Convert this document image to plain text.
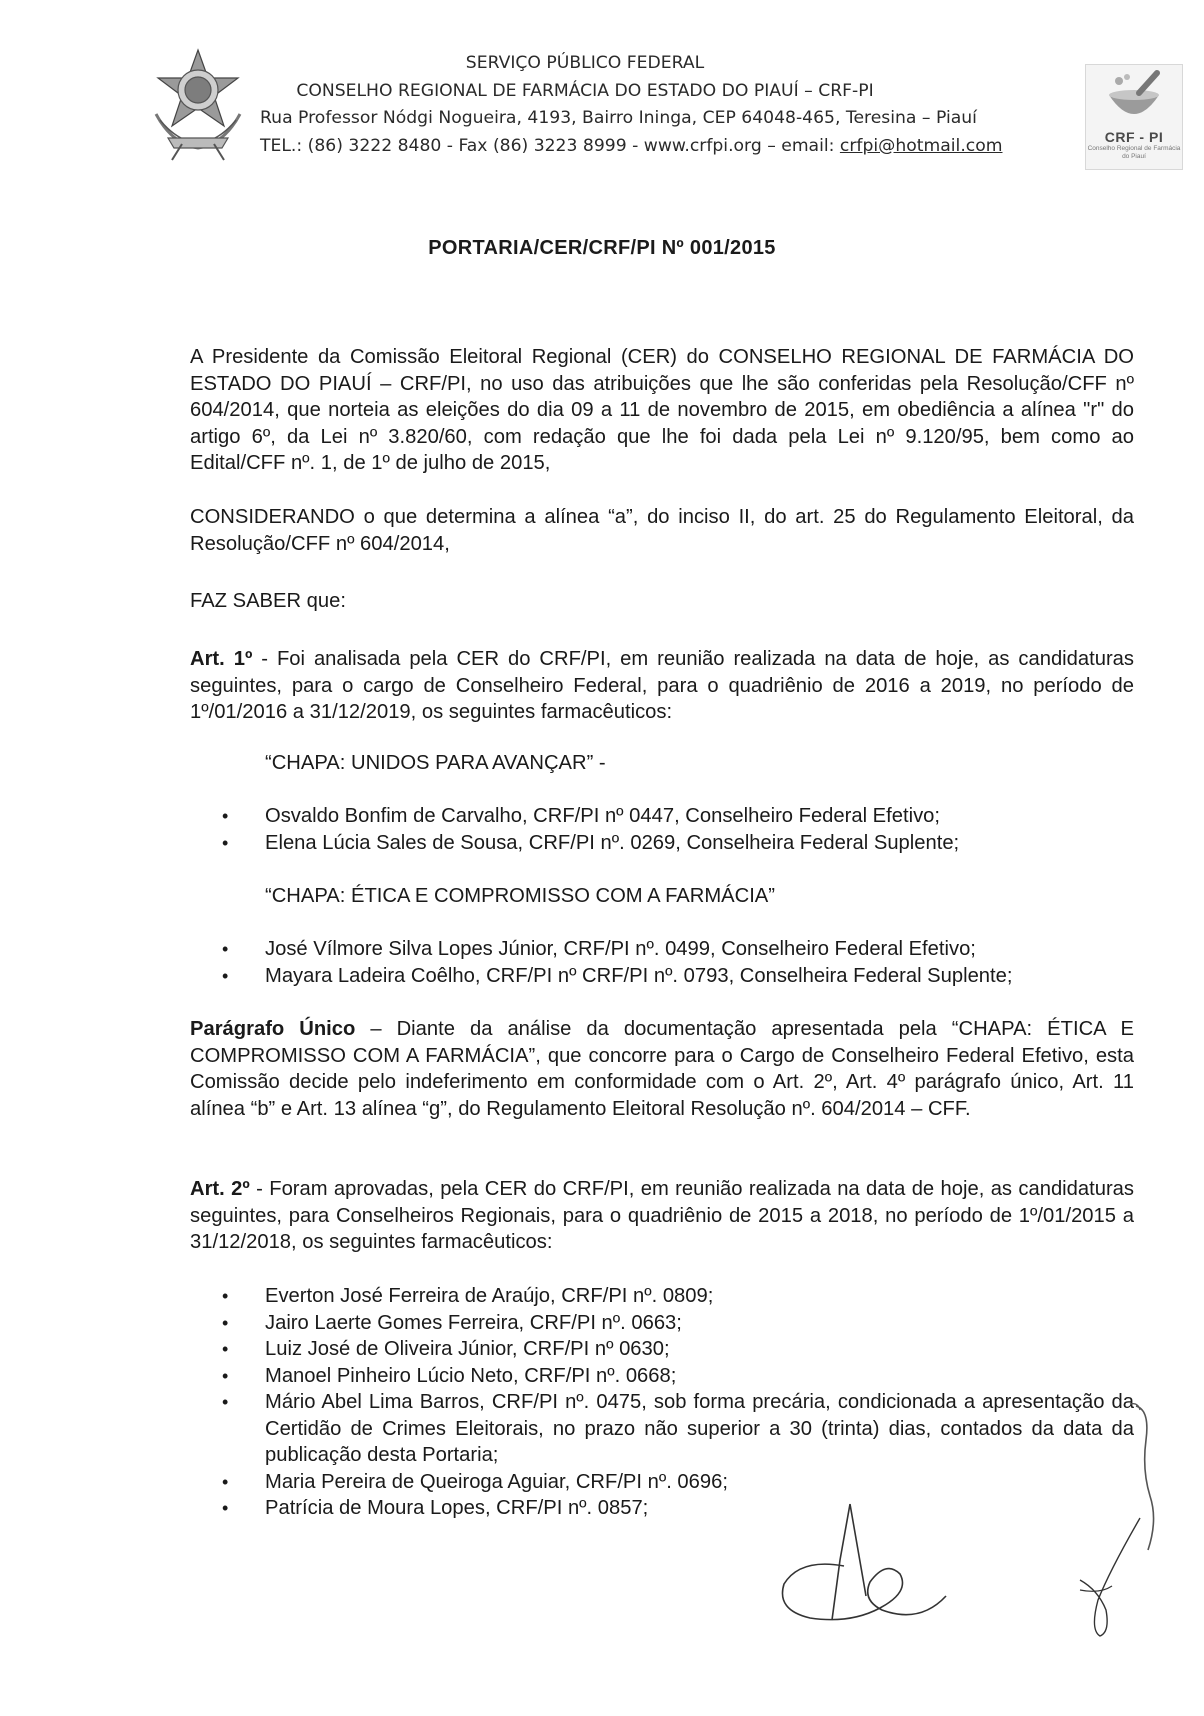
SERVIÇO PÚBLICO FEDERAL
CONSELHO REGIONAL DE FARMÁCIA DO ESTADO DO PIAUÍ – CRF-PI
Rua Professor Nódgi Nogueira, 4193, Bairro Ininga, CEP 64048-465, Teresina – Piauí
TEL.: (86) 3222 8480 - Fax (86) 3223 8999 - www.crfpi.org – email: crfpi@hotmail.com	CRF - PI
Conselho Regional de Farmácia do Piauí
PORTARIA/CER/CRF/PI Nº 001/2015

A Presidente da Comissão Eleitoral Regional (CER) do CONSELHO REGIONAL DE FARMÁCIA DO ESTADO DO PIAUÍ – CRF/PI, no uso das atribuições que lhe são conferidas pela Resolução/CFF nº 604/2014, que norteia as eleições do dia 09 a 11 de novembro de 2015, em obediência a alínea "r" do artigo 6º, da Lei nº 3.820/60, com redação que lhe foi dada pela Lei nº 9.120/95, bem como ao Edital/CFF nº. 1, de 1º de julho de 2015,

CONSIDERANDO o que determina a alínea “a”, do inciso II, do art. 25 do Regulamento Eleitoral, da Resolução/CFF nº 604/2014,

FAZ SABER que:

Art. 1º - Foi analisada pela CER do CRF/PI, em reunião realizada na data de hoje, as candidaturas seguintes, para o cargo de Conselheiro Federal, para o quadriênio de 2016 a 2019, no período de 1º/01/2016 a 31/12/2019, os seguintes farmacêuticos:

“CHAPA: UNIDOS PARA AVANÇAR” -
• Osvaldo Bonfim de Carvalho, CRF/PI nº 0447, Conselheiro Federal Efetivo;
• Elena Lúcia Sales de Sousa, CRF/PI nº. 0269, Conselheira Federal Suplente;
“CHAPA: ÉTICA E COMPROMISSO COM A FARMÁCIA”
• José Vílmore Silva Lopes Júnior, CRF/PI nº. 0499, Conselheiro Federal Efetivo;
• Mayara Ladeira Coêlho, CRF/PI nº CRF/PI nº. 0793, Conselheira Federal Suplente;

Parágrafo Único – Diante da análise da documentação apresentada pela “CHAPA: ÉTICA E COMPROMISSO COM A FARMÁCIA”, que concorre para o Cargo de Conselheiro Federal Efetivo, esta Comissão decide pelo indeferimento em conformidade com o Art. 2º, Art. 4º parágrafo único, Art. 11 alínea “b” e Art. 13 alínea “g”, do Regulamento Eleitoral Resolução nº. 604/2014 – CFF.

Art. 2º - Foram aprovadas, pela CER do CRF/PI, em reunião realizada na data de hoje, as candidaturas seguintes, para Conselheiros Regionais, para o quadriênio de 2015 a 2018, no período de 1º/01/2015 a 31/12/2018, os seguintes farmacêuticos:

• Everton José Ferreira de Araújo, CRF/PI nº. 0809;
• Jairo Laerte Gomes Ferreira, CRF/PI nº. 0663;
• Luiz José de Oliveira Júnior, CRF/PI nº 0630;
• Manoel Pinheiro Lúcio Neto, CRF/PI nº. 0668;
• Mário Abel Lima Barros, CRF/PI nº. 0475, sob forma precária, condicionada a apresentação da Certidão de Crimes Eleitorais, no prazo não superior a 30 (trinta) dias, contados da data da publicação desta Portaria;
• Maria Pereira de Queiroga Aguiar, CRF/PI nº. 0696;
• Patrícia de Moura Lopes, CRF/PI nº. 0857;
